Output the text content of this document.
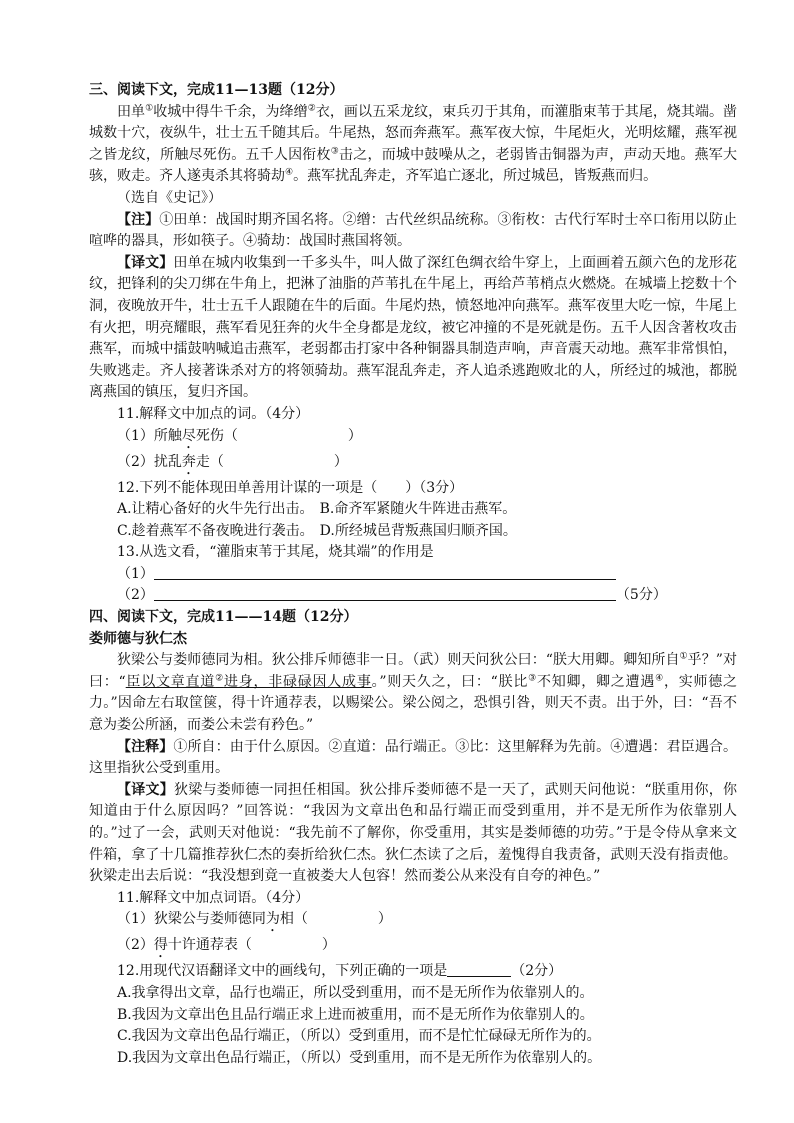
三、阅读下文，完成11—13题（12分）

田单①收城中得牛千余，为绛缯②衣，画以五采龙纹，束兵刃于其角，而灌脂束苇于其尾，烧其端。凿城数十穴，夜纵牛，壮士五千随其后。牛尾热，怒而奔燕军。燕军夜大惊，牛尾炬火，光明炫耀，燕军视之皆龙纹，所触尽死伤。五千人因衔枚③击之，而城中鼓噪从之，老弱皆击铜器为声，声动天地。燕军大骇，败走。齐人遂夷杀其将骑劫④。燕军扰乱奔走，齐军追亡逐北，所过城邑，皆叛燕而归。

（选自《史记》）

【注】①田单：战国时期齐国名将。②缯：古代丝织品统称。③衔枚：古代行军时士卒口衔用以防止喧哗的器具，形如筷子。④骑劫：战国时燕国将领。

【译文】田单在城内收集到一千多头牛，叫人做了深红色绸衣给牛穿上，上面画着五颜六色的龙形花纹，把锋利的尖刀绑在牛角上，把淋了油脂的芦苇扎在牛尾上，再给芦苇梢点火燃烧。在城墙上挖数十个洞，夜晚放开牛，壮士五千人跟随在牛的后面。牛尾灼热，愤怒地冲向燕军。燕军夜里大吃一惊，牛尾上有火把，明亮耀眼，燕军看见狂奔的火牛全身都是龙纹，被它冲撞的不是死就是伤。五千人因含著枚攻击燕军，而城中擂鼓呐喊追击燕军，老弱都击打家中各种铜器具制造声响，声音震天动地。燕军非常惧怕，失败逃走。齐人接著诛杀对方的将领骑劫。燕军混乱奔走，齐人追杀逃跑败北的人，所经过的城池，都脱离燕国的镇压，复归齐国。

11.解释文中加点的词。（4分）

（1）所触尽死伤（	）

（2）扰乱奔走（	）

12.下列不能体现田单善用计谋的一项是（　　）（3分）

A.让精心备好的火牛先行出击。 B.命齐军紧随火牛阵进击燕军。

C.趁着燕军不备夜晚进行袭击。 D.所经城邑背叛燕国归顺齐国。

13.从选文看，“灌脂束苇于其尾，烧其端”的作用是

（1）

（2）	（5分）

四、阅读下文，完成11——14题（12分）

娄师德与狄仁杰

狄梁公与娄师德同为相。狄公排斥师德非一日。（武）则天问狄公曰：“朕大用卿。卿知所自①乎？”对曰：“臣以文章直道②进身，非碌碌因人成事。”则天久之，曰：“朕比③不知卿，卿之遭遇④，实师德之力。”因命左右取筐箧，得十许通荐表，以赐梁公。梁公阅之，恐惧引咎，则天不责。出于外，曰：“吾不意为娄公所涵，而娄公未尝有矜色。”

【注释】①所自：由于什么原因。②直道：品行端正。③比：这里解释为先前。④遭遇：君臣遇合。这里指狄公受到重用。

【译文】狄梁与娄师德一同担任相国。狄公排斥娄师德不是一天了，武则天问他说：“朕重用你，你知道由于什么原因吗？”回答说：“我因为文章出色和品行端正而受到重用，并不是无所作为依靠别人的。”过了一会，武则天对他说：“我先前不了解你，你受重用，其实是娄师德的功劳。”于是令侍从拿来文件箱，拿了十几篇推荐狄仁杰的奏折给狄仁杰。狄仁杰读了之后，羞愧得自我责备，武则天没有指责他。狄梁走出去后说：“我没想到竟一直被娄大人包容！然而娄公从来没有自夸的神色。”

11.解释文中加点词语。（4分）

（1）狄梁公与娄师德同为相（	）

（2）得十许通荐表（	）

12.用现代汉语翻译文中的画线句，下列正确的一项是	（2分）

A.我拿得出文章，品行也端正，所以受到重用，而不是无所作为依靠别人的。

B.我因为文章出色且品行端正求上进而被重用，而不是无所作为依靠别人的。

C.我因为文章出色品行端正，（所以）受到重用，而不是忙忙碌碌无所作为的。

D.我因为文章出色品行端正，（所以）受到重用，而不是无所作为依靠别人的。
